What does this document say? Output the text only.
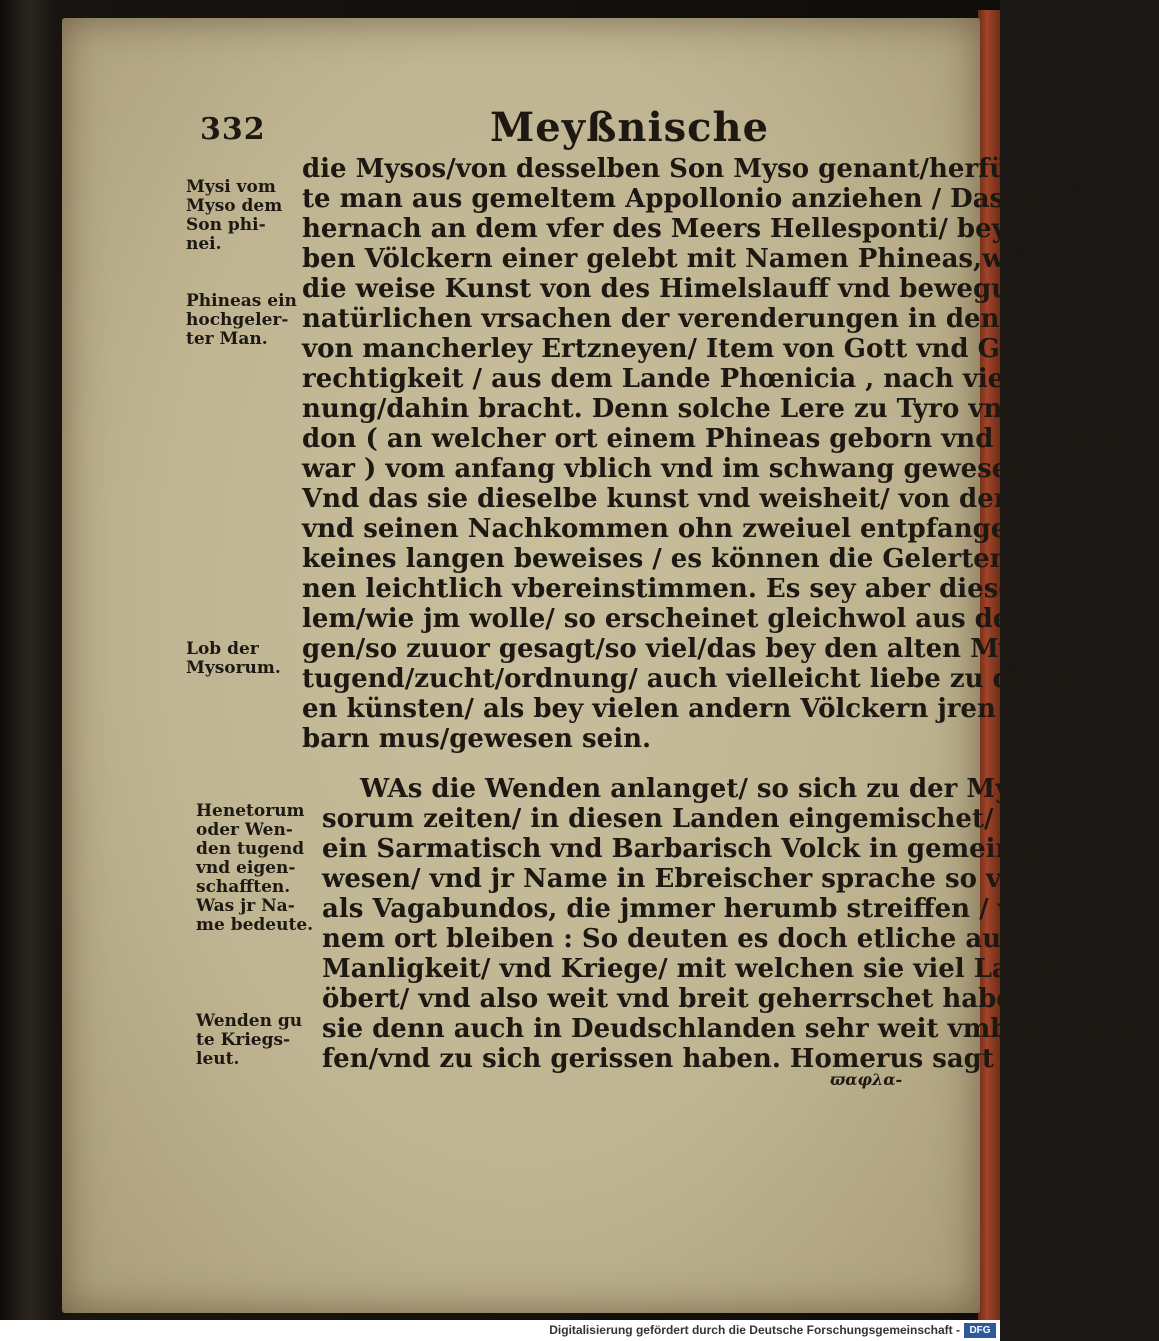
332	Meyßnische
die Mysos/von desselben Son Myso genant/herfüret/kön-
te man aus gemeltem Appollonio anziehen / Das auch
hernach an dem vfer des Meers Hellesponti/ bey denssel-
ben Völckern einer gelebt mit Namen Phineas,welcher
die weise Kunst von des Himelslauff vnd bewegung/vō
natürlichen vrsachen der verenderungen in den Leibern/
von mancherley Ertzneyen/ Item von Gott vnd Ge-
rechtigkeit / aus dem Lande Phœnicia , nach vieler mei-
nung/dahin bracht. Denn solche Lere zu Tyro vnd Sy-
don ( an welcher ort einem Phineas geborn vnd gezogen
war ) vom anfang vblich vnd im schwang gewesen.
Vnd das sie dieselbe kunst vnd weisheit/ von dem Noe
vnd seinen Nachkommen ohn zweiuel entpfangen/darff
keines langen beweises / es können die Gelerten hierin-
nen leichtlich vbereinstimmen. Es sey aber diesem al-
lem/wie jm wolle/ so erscheinet gleichwol aus dem jeni-
gen/so zuuor gesagt/so viel/das bey den alten Mysis mehr
tugend/zucht/ordnung/ auch vielleicht liebe zu den frei-
en künsten/ als bey vielen andern Völckern jren Nach-
barn mus/gewesen sein.
WAs die Wenden anlanget/ so sich zu der My-
sorum zeiten/ in diesen Landen eingemischet/ Ob sie wol
ein Sarmatisch vnd Barbarisch Volck in gemein ge-
wesen/ vnd jr Name in Ebreischer sprache so viel bedeut/
als Vagabundos, die jmmer herumb streiffen / vnd an kei-
nem ort bleiben : So deuten es doch etliche auff jre
Manligkeit/ vnd Kriege/ mit welchen sie viel Lande er-
öbert/ vnd also weit vnd breit geherrschet haben / Wie
sie denn auch in Deudschlanden sehr weit vmb sich grif-
fen/vnd zu sich gerissen haben. Homerus sagt von jnen:
ϖαφλα-
Mysi vom
Myso dem
Son phi-
nei.
Phineas ein
hochgeler-
ter Man.
Lob der
Mysorum.
Henetorum
oder Wen-
den tugend
vnd eigen-
schafften.
Was jr Na-
me bedeute.
Wenden gu
te Kriegs-
leut.
Digitalisierung gefördert durch die Deutsche Forschungsgemeinschaft - DFG
